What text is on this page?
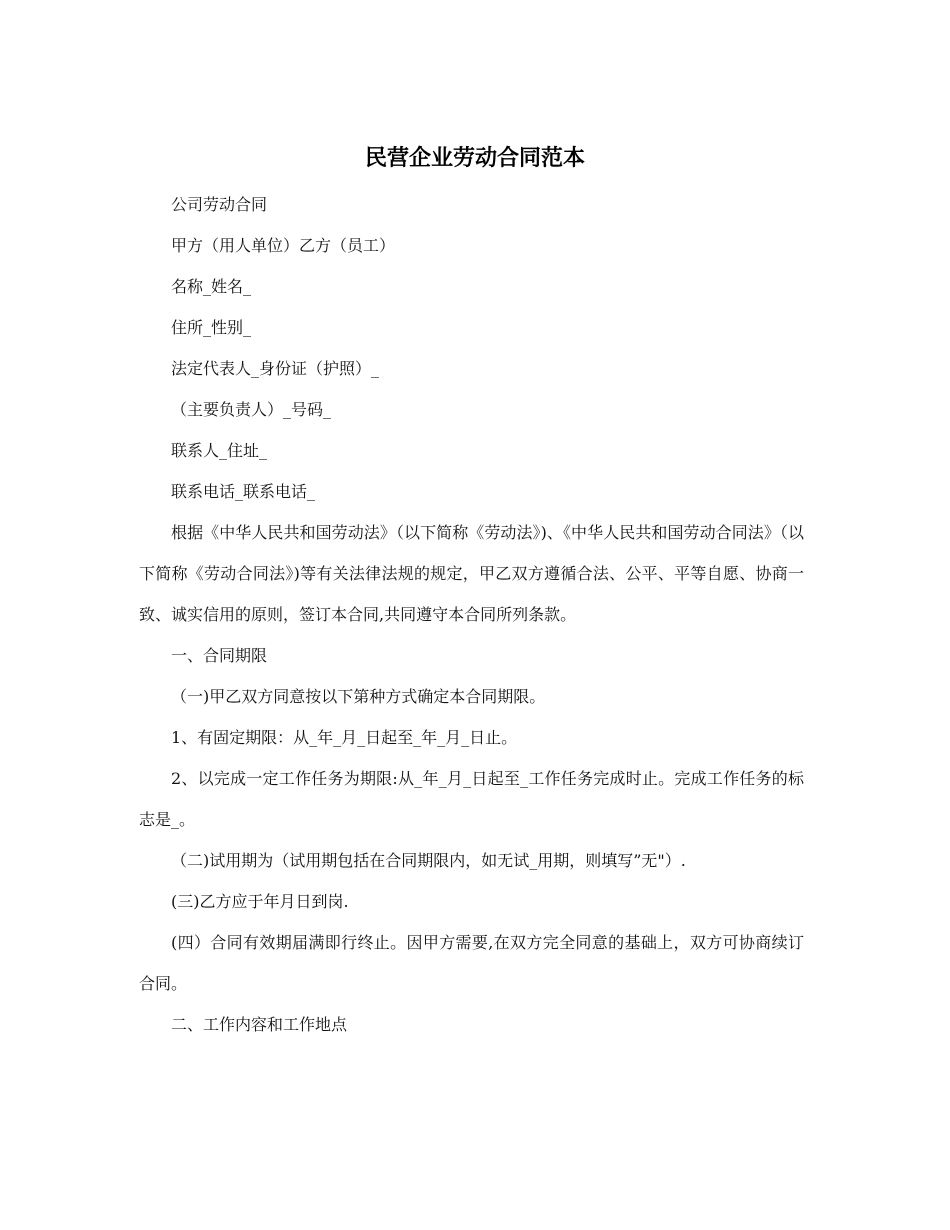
民营企业劳动合同范本

公司劳动合同

甲方（用人单位）乙方（员工）

名称_姓名_

住所_性别_

法定代表人_身份证（护照）_

（主要负责人）_号码_

联系人_住址_

联系电话_联系电话_

根据《中华人民共和国劳动法》（以下简称《劳动法》)、《中华人民共和国劳动合同法》（以下简称《劳动合同法》)等有关法律法规的规定，甲乙双方遵循合法、公平、平等自愿、协商一致、诚实信用的原则，签订本合同,共同遵守本合同所列条款。

一、合同期限

（一)甲乙双方同意按以下第种方式确定本合同期限。

1、有固定期限：从_年_月_日起至_年_月_日止。

2、以完成一定工作任务为期限:从_年_月_日起至_工作任务完成时止。完成工作任务的标志是_。

（二)试用期为（试用期包括在合同期限内，如无试_用期，则填写”无"）.

(三)乙方应于年月日到岗.

(四）合同有效期届满即行终止。因甲方需要,在双方完全同意的基础上，双方可协商续订合同。

二、工作内容和工作地点
